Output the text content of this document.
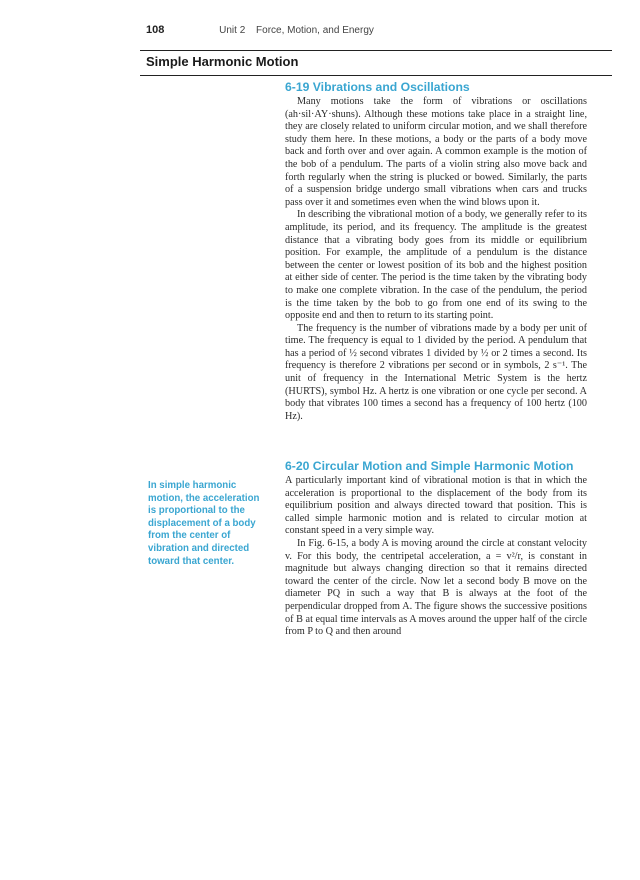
108	Unit 2 Force, Motion, and Energy
Simple Harmonic Motion
6-19 Vibrations and Oscillations

Many motions take the form of vibrations or oscillations (ah·sil·AY·shuns). Although these motions take place in a straight line, they are closely related to uniform circular motion, and we shall therefore study them here. In these motions, a body or the parts of a body move back and forth over and over again. A common example is the motion of the bob of a pendulum. The parts of a violin string also move back and forth regularly when the string is plucked or bowed. Similarly, the parts of a suspension bridge undergo small vibrations when cars and trucks pass over it and sometimes even when the wind blows upon it.

In describing the vibrational motion of a body, we generally refer to its amplitude, its period, and its frequency. The amplitude is the greatest distance that a vibrating body goes from its middle or equilibrium position. For example, the amplitude of a pendulum is the distance between the center or lowest position of its bob and the highest position at either side of center. The period is the time taken by the vibrating body to make one complete vibration. In the case of the pendulum, the period is the time taken by the bob to go from one end of its swing to the opposite end and then to return to its starting point.

The frequency is the number of vibrations made by a body per unit of time. The frequency is equal to 1 divided by the period. A pendulum that has a period of ½ second vibrates 1 divided by ½ or 2 times a second. Its frequency is therefore 2 vibrations per second or in symbols, 2 s⁻¹. The unit of frequency in the International Metric System is the hertz (HURTS), symbol Hz. A hertz is one vibration or one cycle per second. A body that vibrates 100 times a second has a frequency of 100 hertz (100 Hz).

In simple harmonic motion, the acceleration is proportional to the displacement of a body from the center of vibration and directed toward that center.

6-20 Circular Motion and Simple Harmonic Motion

A particularly important kind of vibrational motion is that in which the acceleration is proportional to the displacement of the body from its equilibrium position and always directed toward that position. This is called simple harmonic motion and is related to circular motion at constant speed in a very simple way.

In Fig. 6-15, a body A is moving around the circle at constant velocity v. For this body, the centripetal acceleration, a = v²/r, is constant in magnitude but always changing direction so that it remains directed toward the center of the circle. Now let a second body B move on the diameter PQ in such a way that B is always at the foot of the perpendicular dropped from A. The figure shows the successive positions of B at equal time intervals as A moves around the upper half of the circle from P to Q and then around
